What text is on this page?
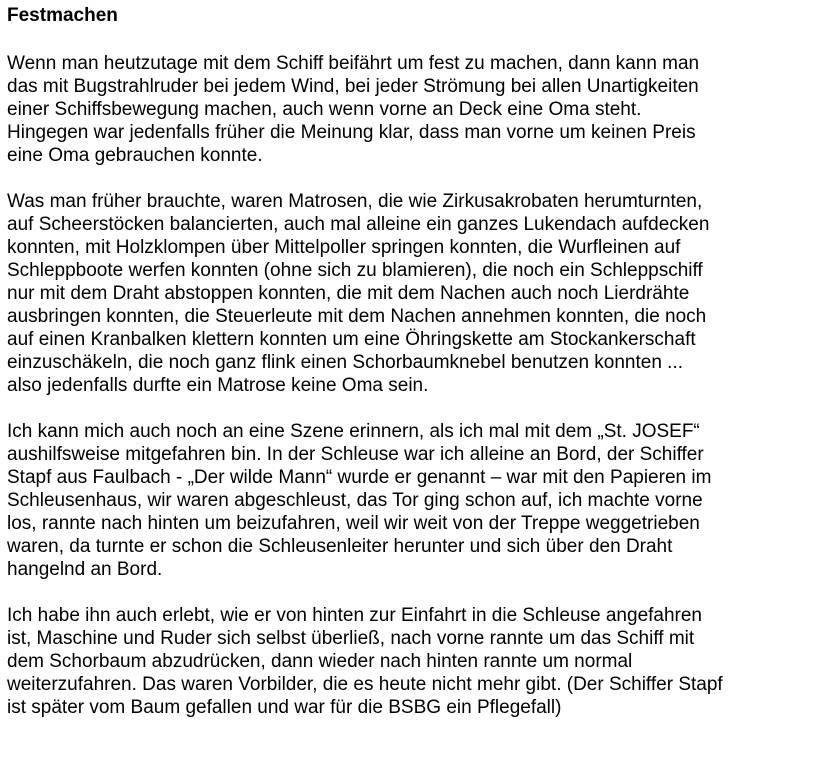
Festmachen
Wenn man heutzutage mit dem Schiff beifährt um fest zu machen, dann kann man
das mit Bugstrahlruder bei jedem Wind, bei jeder Strömung bei allen Unartigkeiten
einer Schiffsbewegung machen, auch wenn vorne an Deck eine Oma steht.
Hingegen war jedenfalls früher die Meinung klar, dass man vorne um keinen Preis
eine Oma gebrauchen konnte.
Was man früher brauchte, waren Matrosen, die wie Zirkusakrobaten herumturnten,
auf Scheerstöcken balancierten, auch mal alleine ein ganzes Lukendach aufdecken
konnten, mit Holzklompen über Mittelpoller springen konnten, die Wurfleinen auf
Schleppboote werfen konnten (ohne sich zu blamieren), die noch ein Schleppschiff
nur mit dem Draht abstoppen konnten, die mit dem Nachen auch noch Lierdrähte
ausbringen konnten, die Steuerleute mit dem Nachen annehmen konnten, die noch
auf einen Kranbalken klettern konnten um eine Öhringskette am Stockankerschaft
einzuschäkeln, die noch ganz flink einen Schorbaumknebel benutzen konnten ...
also jedenfalls durfte ein Matrose keine Oma sein.
Ich kann mich auch noch an eine Szene erinnern, als ich mal mit dem „St. JOSEF“
aushilfsweise mitgefahren bin. In der Schleuse war ich alleine an Bord, der Schiffer
Stapf aus Faulbach - „Der wilde Mann“ wurde er genannt – war mit den Papieren im
Schleusenhaus, wir waren abgeschleust, das Tor ging schon auf, ich machte vorne
los, rannte nach hinten um beizufahren, weil wir weit von der Treppe weggetrieben
waren, da turnte er schon die Schleusenleiter herunter und sich über den Draht
hangelnd an Bord.
Ich habe ihn auch erlebt, wie er von hinten zur Einfahrt in die Schleuse angefahren
ist, Maschine und Ruder sich selbst überließ, nach vorne rannte um das Schiff mit
dem Schorbaum abzudrücken, dann wieder nach hinten rannte um normal
weiterzufahren. Das waren Vorbilder, die es heute nicht mehr gibt. (Der Schiffer Stapf
ist später vom Baum gefallen und war für die BSBG ein Pflegefall)
